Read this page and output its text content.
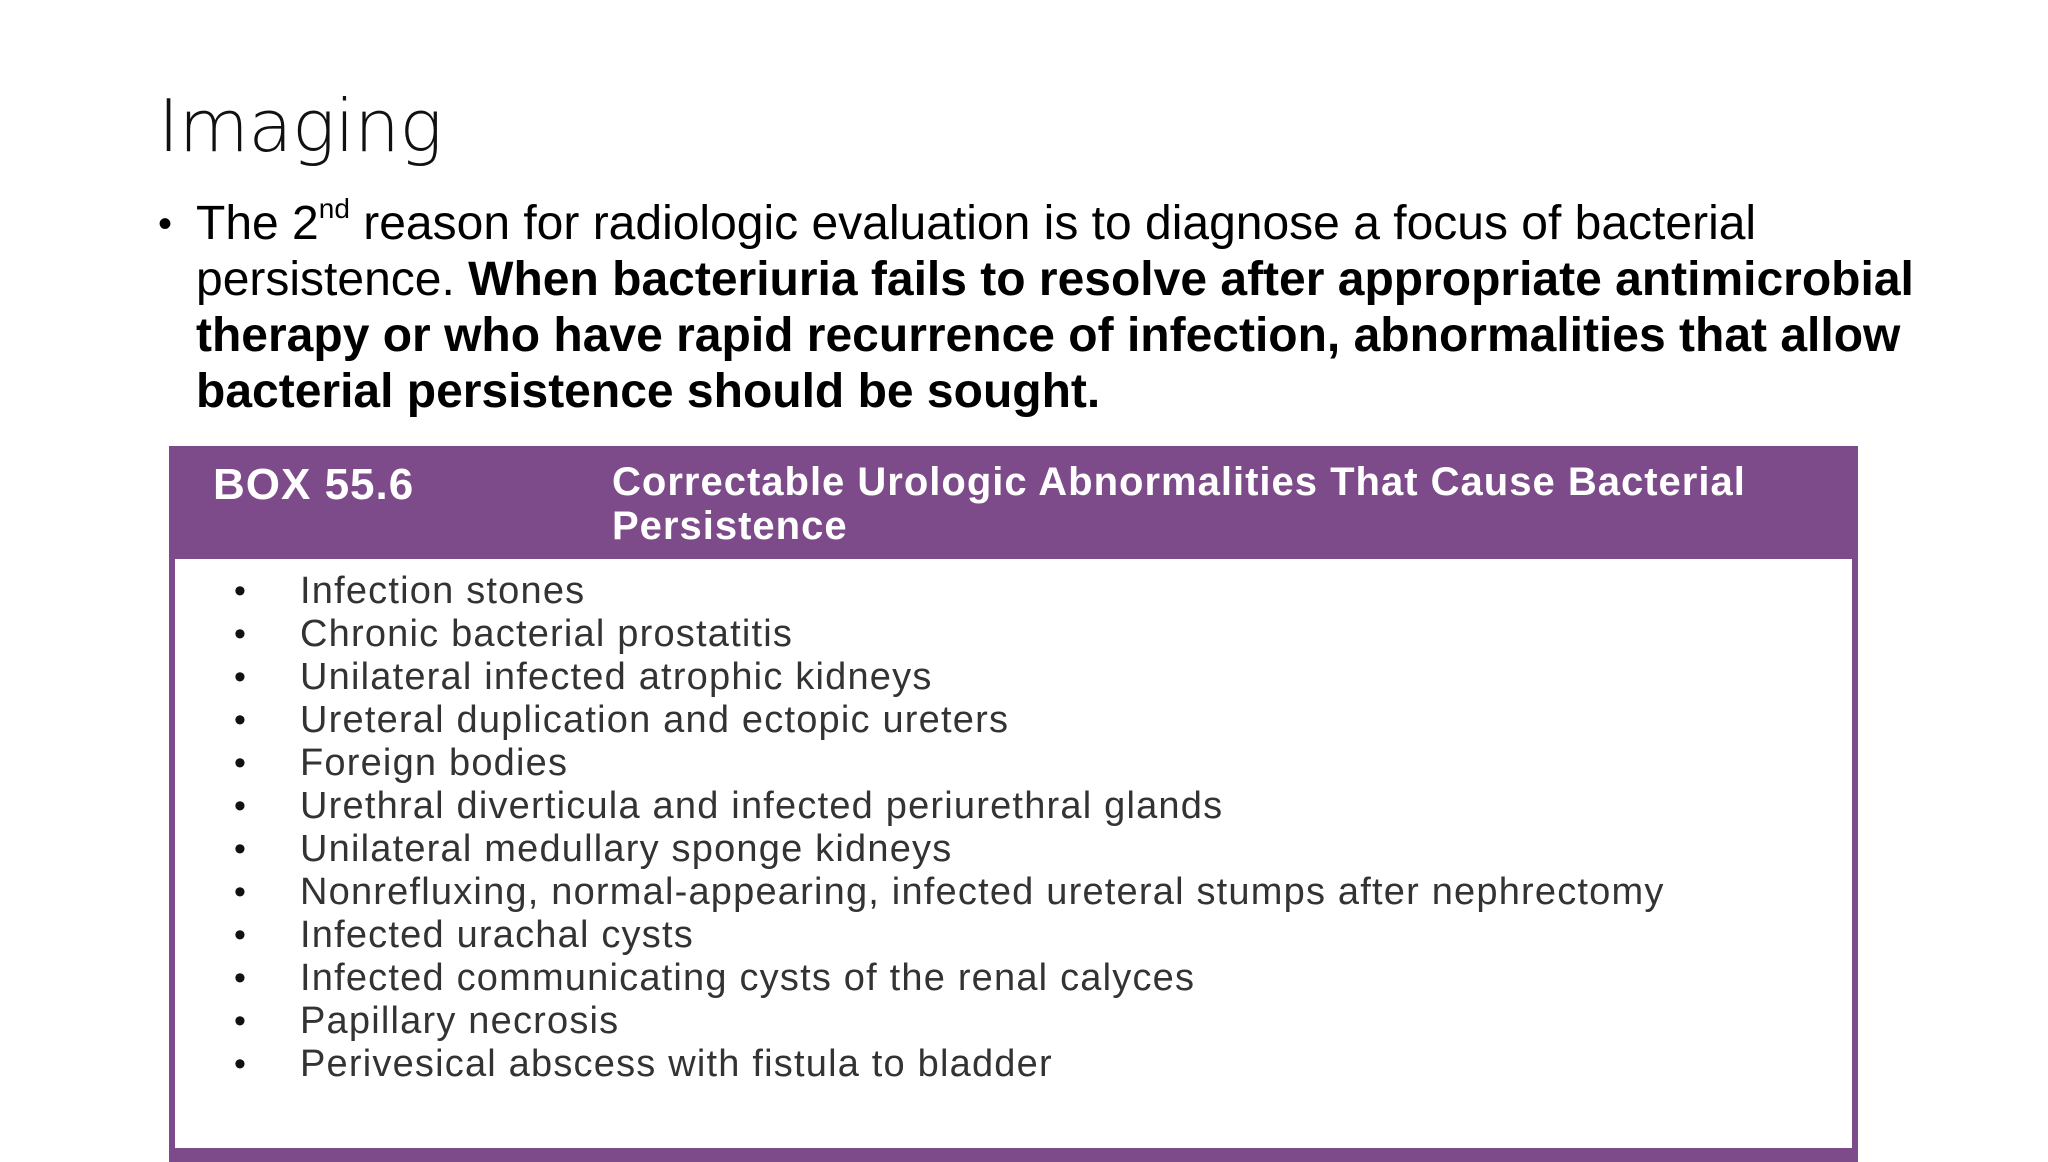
Imaging
• The 2nd reason for radiologic evaluation is to diagnose a focus of bacterial persistence. When bacteriuria fails to resolve after appropriate antimicrobial therapy or who have rapid recurrence of infection, abnormalities that allow bacterial persistence should be sought.
BOX 55.6	Correctable Urologic Abnormalities That Cause Bacterial Persistence
•	Infection stones
•	Chronic bacterial prostatitis
•	Unilateral infected atrophic kidneys
•	Ureteral duplication and ectopic ureters
•	Foreign bodies
•	Urethral diverticula and infected periurethral glands
•	Unilateral medullary sponge kidneys
•	Nonrefluxing, normal-appearing, infected ureteral stumps after nephrectomy
•	Infected urachal cysts
•	Infected communicating cysts of the renal calyces
•	Papillary necrosis
•	Perivesical abscess with fistula to bladder
